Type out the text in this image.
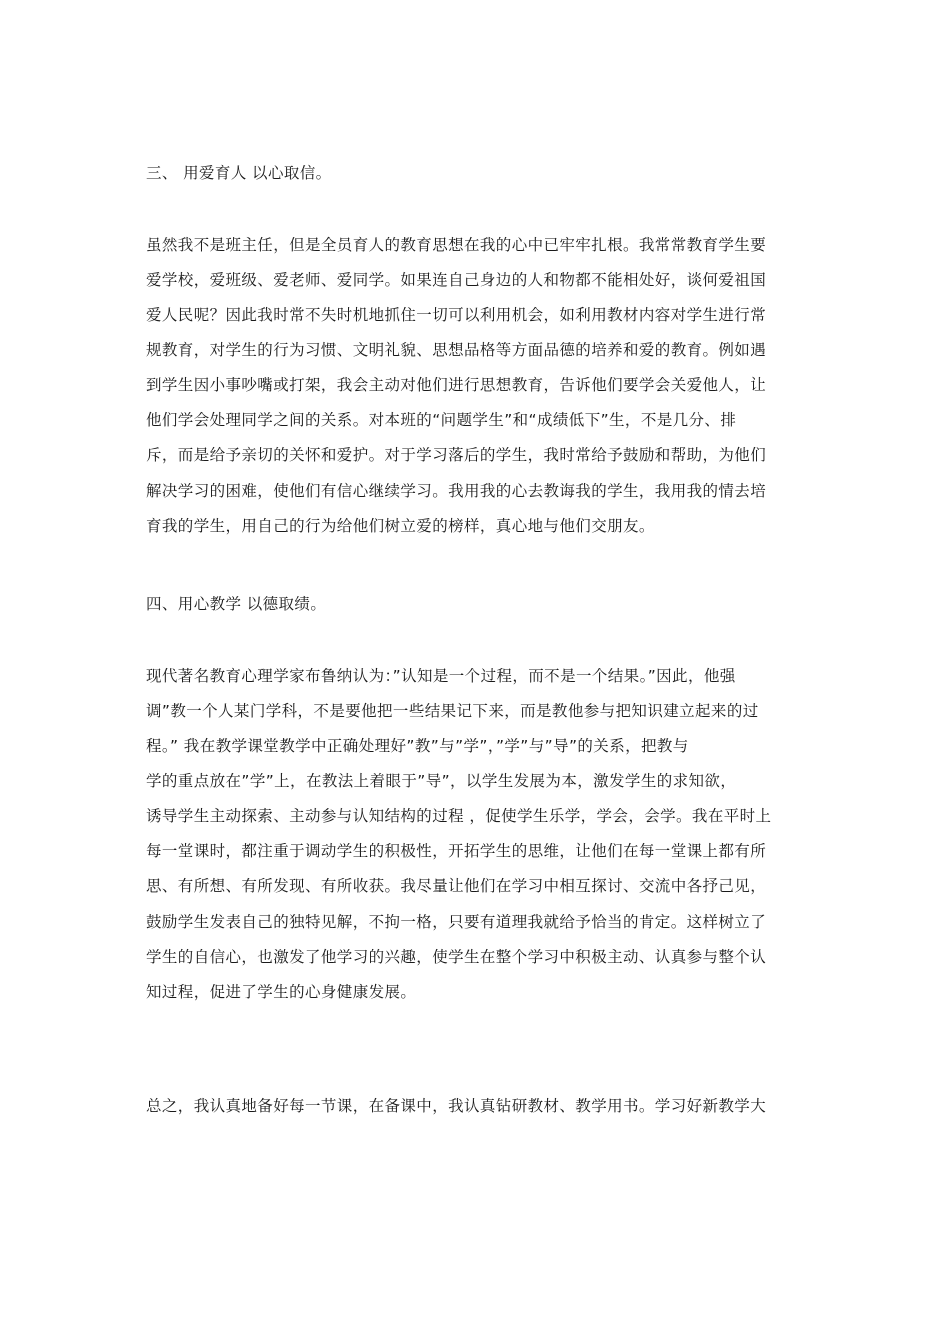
三、 用爱育人 以心取信。
虽然我不是班主任，但是全员育人的教育思想在我的心中已牢牢扎根。我常常教育学生要
爱学校，爱班级、爱老师、爱同学。如果连自己身边的人和物都不能相处好，谈何爱祖国
爱人民呢？因此我时常不失时机地抓住一切可以利用机会，如利用教材内容对学生进行常
规教育，对学生的行为习惯、文明礼貌、思想品格等方面品德的培养和爱的教育。例如遇
到学生因小事吵嘴或打架，我会主动对他们进行思想教育，告诉他们要学会关爱他人，让
他们学会处理同学之间的关系。对本班的“问题学生”和“成绩低下”生，不是几分、排
斥，而是给予亲切的关怀和爱护。对于学习落后的学生，我时常给予鼓励和帮助，为他们
解决学习的困难，使他们有信心继续学习。我用我的心去教诲我的学生，我用我的情去培
育我的学生，用自己的行为给他们树立爱的榜样，真心地与他们交朋友。
四、用心教学 以德取绩。
现代著名教育心理学家布鲁纳认为：”认知是一个过程，而不是一个结果。”因此，他强
调”教一个人某门学科，不是要他把一些结果记下来，而是教他参与把知识建立起来的过
程。” 我在教学课堂教学中正确处理好”教”与”学”，”学”与”导”的关系，把教与
学的重点放在”学”上，在教法上着眼于”导”，以学生发展为本，激发学生的求知欲，
诱导学生主动探索、主动参与认知结构的过程 ，促使学生乐学，学会，会学。我在平时上
每一堂课时，都注重于调动学生的积极性，开拓学生的思维，让他们在每一堂课上都有所
思、有所想、有所发现、有所收获。我尽量让他们在学习中相互探讨、交流中各抒己见，
鼓励学生发表自己的独特见解，不拘一格，只要有道理我就给予恰当的肯定。这样树立了
学生的自信心，也激发了他学习的兴趣，使学生在整个学习中积极主动、认真参与整个认
知过程，促进了学生的心身健康发展。
总之，我认真地备好每一节课，在备课中，我认真钻研教材、教学用书。学习好新教学大
